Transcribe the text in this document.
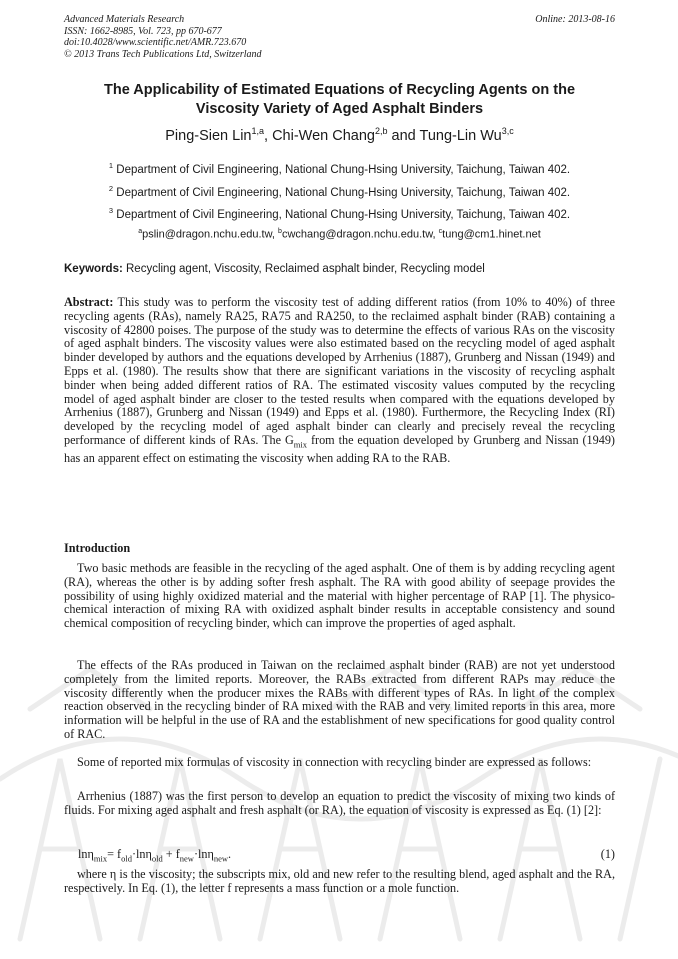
Advanced Materials Research
ISSN: 1662-8985, Vol. 723, pp 670-677
doi:10.4028/www.scientific.net/AMR.723.670
© 2013 Trans Tech Publications Ltd, Switzerland
Online: 2013-08-16
The Applicability of Estimated Equations of Recycling Agents on the
Viscosity Variety of Aged Asphalt Binders
Ping-Sien Lin$^{1,a}$, Chi-Wen Chang$^{2,b}$ and Tung-Lin Wu$^{3,c}$
$^1$ Department of Civil Engineering, National Chung-Hsing University, Taichung, Taiwan 402.
$^2$ Department of Civil Engineering, National Chung-Hsing University, Taichung, Taiwan 402.
$^3$ Department of Civil Engineering, National Chung-Hsing University, Taichung, Taiwan 402.
$^a$pslin@dragon.nchu.edu.tw, $^b$cwchang@dragon.nchu.edu.tw, $^c$tung@cm1.hinet.net
Keywords: Recycling agent, Viscosity, Reclaimed asphalt binder, Recycling model
Abstract: This study was to perform the viscosity test of adding different ratios (from 10% to 40%) of three recycling agents (RAs), namely RA25, RA75 and RA250, to the reclaimed asphalt binder (RAB) containing a viscosity of 42800 poises. The purpose of the study was to determine the effects of various RAs on the viscosity of aged asphalt binders. The viscosity values were also estimated based on the recycling model of aged asphalt binder developed by authors and the equations developed by Arrhenius (1887), Grunberg and Nissan (1949) and Epps et al. (1980). The results show that there are significant variations in the viscosity of recycling asphalt binder when being added different ratios of RA. The estimated viscosity values computed by the recycling model of aged asphalt binder are closer to the tested results when compared with the equations developed by Arrhenius (1887), Grunberg and Nissan (1949) and Epps et al. (1980). Furthermore, the Recycling Index (RI) developed by the recycling model of aged asphalt binder can clearly and precisely reveal the recycling performance of different kinds of RAs. The $G_{mix}$ from the equation developed by Grunberg and Nissan (1949) has an apparent effect on estimating the viscosity when adding RA to the RAB.
Introduction
Two basic methods are feasible in the recycling of the aged asphalt. One of them is by adding recycling agent (RA), whereas the other is by adding softer fresh asphalt. The RA with good ability of seepage provides the possibility of using highly oxidized material and the material with higher percentage of RAP [1]. The physico-chemical interaction of mixing RA with oxidized asphalt binder results in acceptable consistency and sound chemical composition of recycling binder, which can improve the properties of aged asphalt.
The effects of the RAs produced in Taiwan on the reclaimed asphalt binder (RAB) are not yet understood completely from the limited reports. Moreover, the RABs extracted from different RAPs may reduce the viscosity differently when the producer mixes the RABs with different types of RAs. In light of the complex reaction observed in the recycling binder of RA mixed with the RAB and very limited reports in this area, more information will be helpful in the use of RA and the establishment of new specifications for good quality control of RAC.
Some of reported mix formulas of viscosity in connection with recycling binder are expressed as follows:
Arrhenius (1887) was the first person to develop an equation to predict the viscosity of mixing two kinds of fluids. For mixing aged asphalt and fresh asphalt (or RA), the equation of viscosity is expressed as Eq. (1) [2]:
$\ln\eta_{mix}= f_{old}\cdot\ln\eta_{old} + f_{new}\cdot\ln\eta_{new}$.	(1)
where η is the viscosity; the subscripts mix, old and new refer to the resulting blend, aged asphalt and the RA, respectively. In Eq. (1), the letter f represents a mass function or a mole function.
